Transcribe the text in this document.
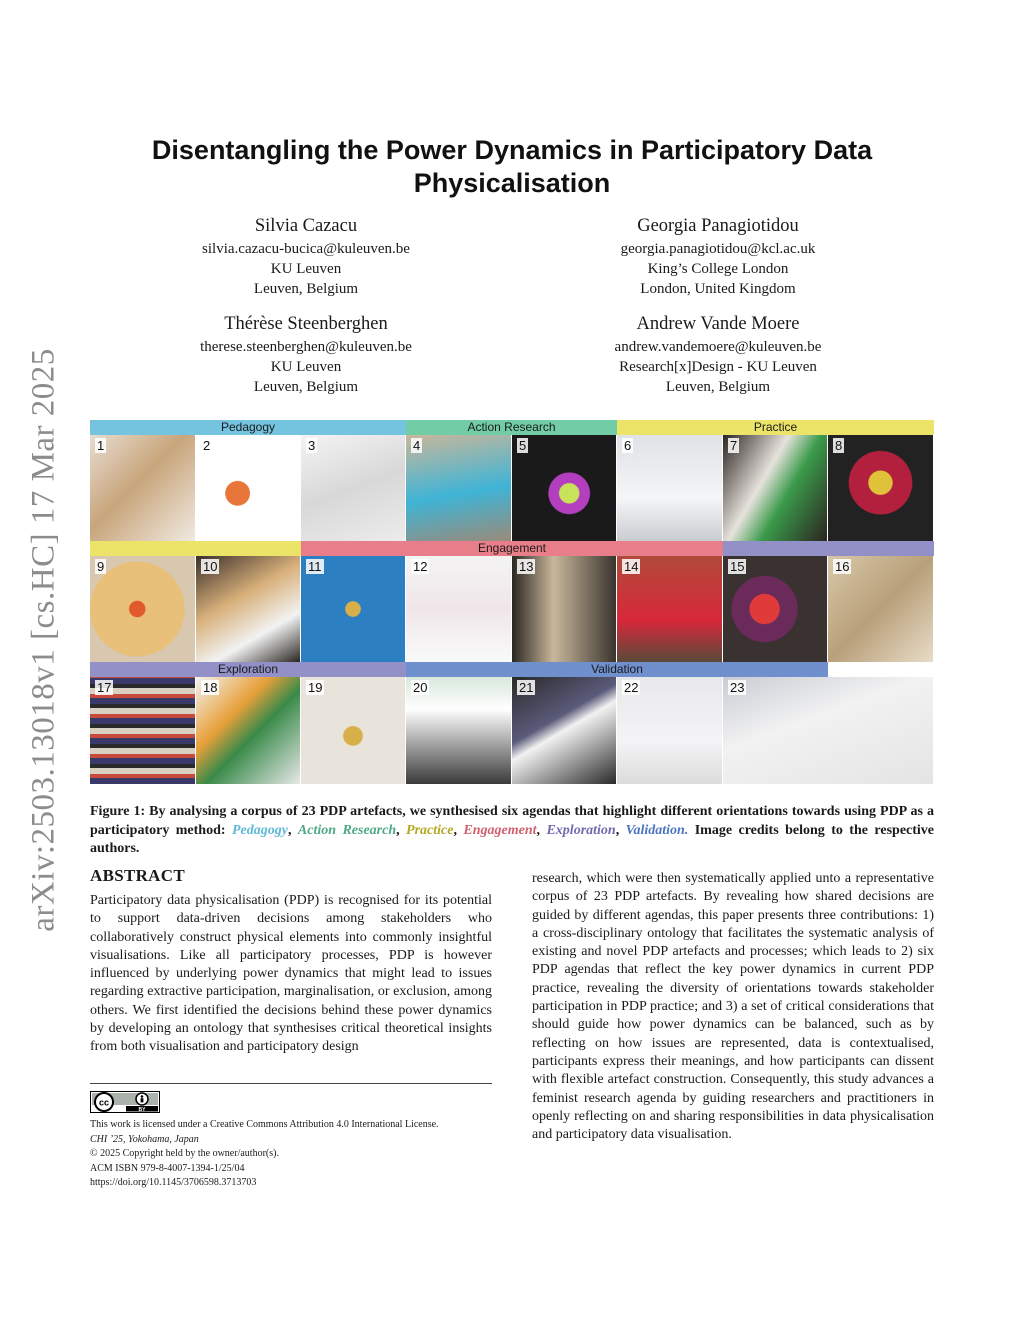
arXiv:2503.13018v1 [cs.HC] 17 Mar 2025
Disentangling the Power Dynamics in Participatory Data Physicalisation
Silvia Cazacu
silvia.cazacu-bucica@kuleuven.be
KU Leuven
Leuven, Belgium
Georgia Panagiotidou
georgia.panagiotidou@kcl.ac.uk
King’s College London
London, United Kingdom
Thérèse Steenberghen
therese.steenberghen@kuleuven.be
KU Leuven
Leuven, Belgium
Andrew Vande Moere
andrew.vandemoere@kuleuven.be
Research[x]Design - KU Leuven
Leuven, Belgium
Pedagogy	Action Research	Practice
1	2	3	4	5	6	7	8
Engagement
9	10	11	12	13	14	15	16
Exploration	Validation
17	18	19	20	21	22	23
Figure 1: By analysing a corpus of 23 PDP artefacts, we synthesised six agendas that highlight different orientations towards using PDP as a participatory method: Pedagogy, Action Research, Practice, Engagement, Exploration, Validation. Image credits belong to the respective authors.
ABSTRACT
Participatory data physicalisation (PDP) is recognised for its potential to support data-driven decisions among stakeholders who collaboratively construct physical elements into commonly insightful visualisations. Like all participatory processes, PDP is however influenced by underlying power dynamics that might lead to issues regarding extractive participation, marginalisation, or exclusion, among others. We first identified the decisions behind these power dynamics by developing an ontology that synthesises critical theoretical insights from both visualisation and participatory design
research, which were then systematically applied unto a representative corpus of 23 PDP artefacts. By revealing how shared decisions are guided by different agendas, this paper presents three contributions: 1) a cross-disciplinary ontology that facilitates the systematic analysis of existing and novel PDP artefacts and processes; which leads to 2) six PDP agendas that reflect the key power dynamics in current PDP practice, revealing the diversity of orientations towards stakeholder participation in PDP practice; and 3) a set of critical considerations that should guide how power dynamics can be balanced, such as by reflecting on how issues are represented, data is contextualised, participants express their meanings, and how participants can dissent with flexible artefact construction. Consequently, this study advances a feminist research agenda by guiding researchers and practitioners in openly reflecting on and sharing responsibilities in data physicalisation and participatory data visualisation.
cc
BY
This work is licensed under a Creative Commons Attribution 4.0 International License.
CHI ’25, Yokohama, Japan
© 2025 Copyright held by the owner/author(s).
ACM ISBN 979-8-4007-1394-1/25/04
https://doi.org/10.1145/3706598.3713703
